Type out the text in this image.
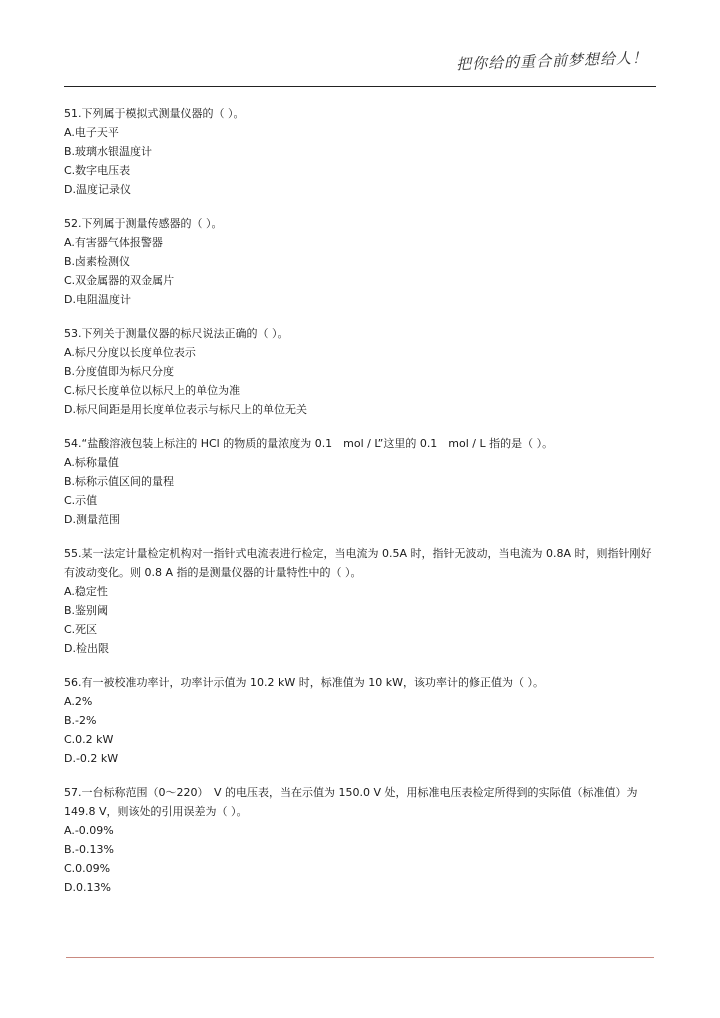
把你给的重合前梦想给人！

51.下列属于模拟式测量仪器的（ ）。

A.电子天平

B.玻璃水银温度计

C.数字电压表

D.温度记录仪

52.下列属于测量传感器的（ ）。

A.有害器气体报警器

B.卤素检测仪

C.双金属器的双金属片

D.电阻温度计

53.下列关于测量仪器的标尺说法正确的（ ）。

A.标尺分度以长度单位表示

B.分度值即为标尺分度

C.标尺长度单位以标尺上的单位为准

D.标尺间距是用长度单位表示与标尺上的单位无关

54.“盐酸溶液包装上标注的 HCl 的物质的量浓度为 0.1　mol / L”这里的 0.1　mol / L 指的是（ ）。

A.标称量值

B.标称示值区间的量程

C.示值

D.测量范围

55.某一法定计量检定机构对一指针式电流表进行检定，当电流为 0.5A 时，指针无波动，当电流为 0.8A 时，则指针刚好有波动变化。则 0.8 A 指的是测量仪器的计量特性中的（ ）。

A.稳定性

B.鉴别阈

C.死区

D.检出限

56.有一被校准功率计，功率计示值为 10.2 kW 时，标准值为 10 kW，该功率计的修正值为（ ）。

A.2%

B.-2%

C.0.2 kW

D.-0.2 kW

57.一台标称范围（0～220）　V 的电压表，当在示值为 150.0 V 处，用标准电压表检定所得到的实际值（标准值）为 149.8 V，则该处的引用误差为（ ）。

A.-0.09%

B.-0.13%

C.0.09%

D.0.13%
